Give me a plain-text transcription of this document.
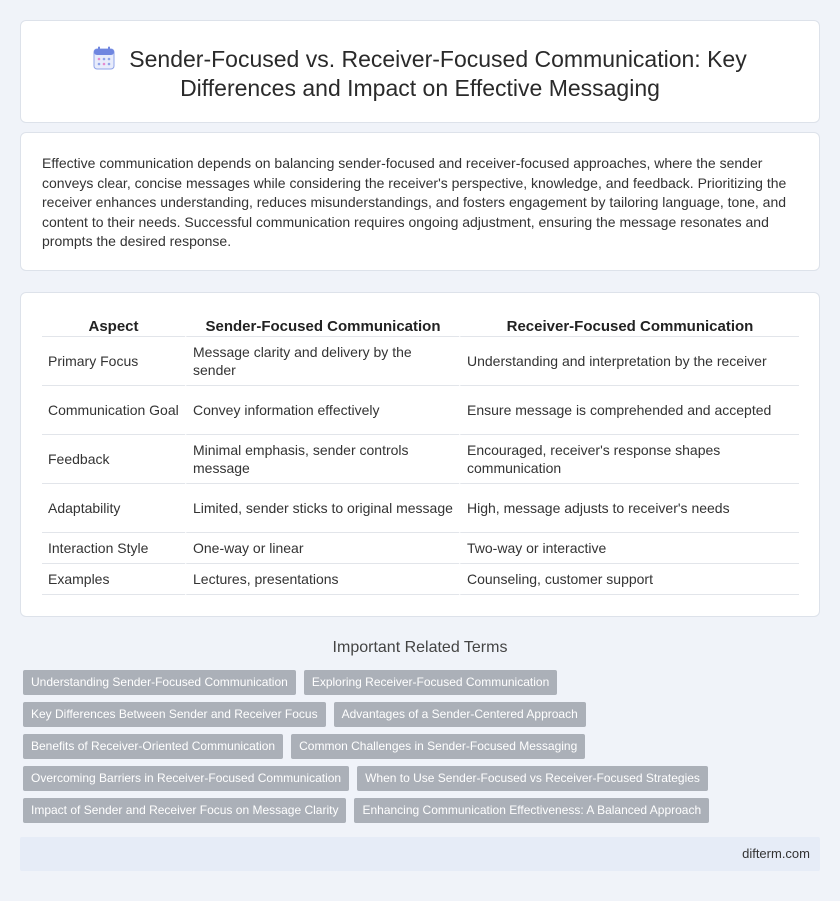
Sender-Focused vs. Receiver-Focused Communication: Key Differences and Impact on Effective Messaging

Effective communication depends on balancing sender-focused and receiver-focused approaches, where the sender conveys clear, concise messages while considering the receiver's perspective, knowledge, and feedback. Prioritizing the receiver enhances understanding, reduces misunderstandings, and fosters engagement by tailoring language, tone, and content to their needs. Successful communication requires ongoing adjustment, ensuring the message resonates and prompts the desired response.

Aspect	Sender-Focused Communication	Receiver-Focused Communication
Primary Focus	Message clarity and delivery by the sender	Understanding and interpretation by the receiver
Communication Goal	Convey information effectively	Ensure message is comprehended and accepted
Feedback	Minimal emphasis, sender controls message	Encouraged, receiver's response shapes communication
Adaptability	Limited, sender sticks to original message	High, message adjusts to receiver's needs
Interaction Style	One-way or linear	Two-way or interactive
Examples	Lectures, presentations	Counseling, customer support
Important Related Terms
Understanding Sender-Focused Communication	Exploring Receiver-Focused Communication
Key Differences Between Sender and Receiver Focus	Advantages of a Sender-Centered Approach
Benefits of Receiver-Oriented Communication	Common Challenges in Sender-Focused Messaging
Overcoming Barriers in Receiver-Focused Communication	When to Use Sender-Focused vs Receiver-Focused Strategies
Impact of Sender and Receiver Focus on Message Clarity	Enhancing Communication Effectiveness: A Balanced Approach
difterm.com
